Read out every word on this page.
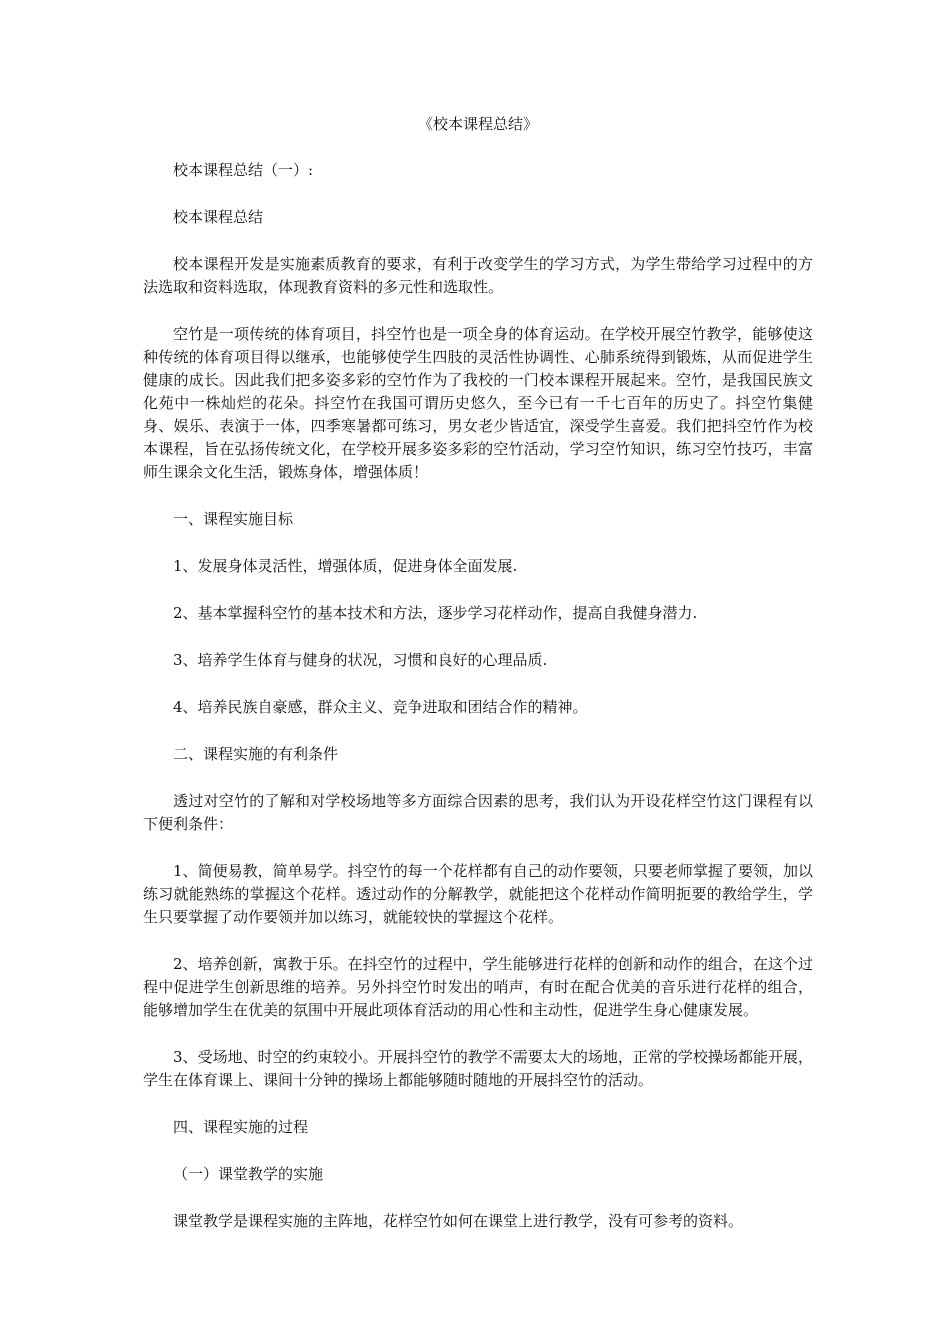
《校本课程总结》

校本课程总结（一）:

校本课程总结

校本课程开发是实施素质教育的要求，有利于改变学生的学习方式，为学生带给学习过程中的方法选取和资料选取，体现教育资料的多元性和选取性。

空竹是一项传统的体育项目，抖空竹也是一项全身的体育运动。在学校开展空竹教学，能够使这种传统的体育项目得以继承，也能够使学生四肢的灵活性协调性、心肺系统得到锻炼，从而促进学生健康的成长。因此我们把多姿多彩的空竹作为了我校的一门校本课程开展起来。空竹，是我国民族文化苑中一株灿烂的花朵。抖空竹在我国可谓历史悠久，至今已有一千七百年的历史了。抖空竹集健身、娱乐、表演于一体，四季寒暑都可练习，男女老少皆适宜，深受学生喜爱。我们把抖空竹作为校本课程，旨在弘扬传统文化，在学校开展多姿多彩的空竹活动，学习空竹知识，练习空竹技巧，丰富师生课余文化生活，锻炼身体，增强体质！

一、课程实施目标

1、发展身体灵活性，增强体质，促进身体全面发展.

2、基本掌握科空竹的基本技术和方法，逐步学习花样动作，提高自我健身潜力.

3、培养学生体育与健身的状况，习惯和良好的心理品质.

4、培养民族自豪感，群众主义、竞争进取和团结合作的精神。

二、课程实施的有利条件

透过对空竹的了解和对学校场地等多方面综合因素的思考，我们认为开设花样空竹这门课程有以下便利条件：

1、简便易教，简单易学。抖空竹的每一个花样都有自己的动作要领，只要老师掌握了要领，加以练习就能熟练的掌握这个花样。透过动作的分解教学，就能把这个花样动作简明扼要的教给学生，学生只要掌握了动作要领并加以练习，就能较快的掌握这个花样。

2、培养创新，寓教于乐。在抖空竹的过程中，学生能够进行花样的创新和动作的组合，在这个过程中促进学生创新思维的培养。另外抖空竹时发出的哨声，有时在配合优美的音乐进行花样的组合，能够增加学生在优美的氛围中开展此项体育活动的用心性和主动性，促进学生身心健康发展。

3、受场地、时空的约束较小。开展抖空竹的教学不需要太大的场地，正常的学校操场都能开展，学生在体育课上、课间十分钟的操场上都能够随时随地的开展抖空竹的活动。

四、课程实施的过程

（一）课堂教学的实施

课堂教学是课程实施的主阵地，花样空竹如何在课堂上进行教学，没有可参考的资料。
